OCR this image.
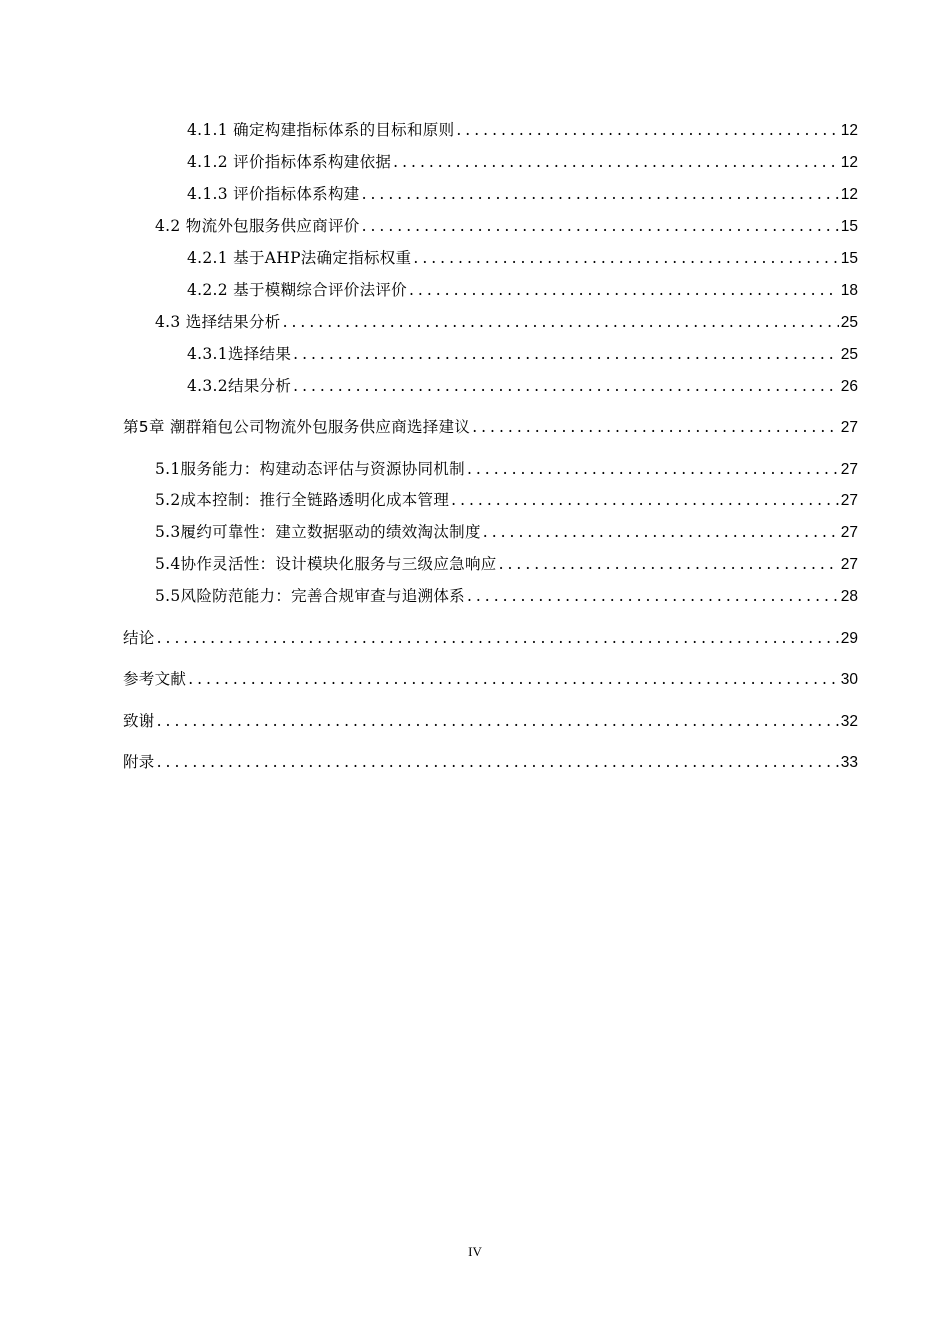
4.1.1 确定构建指标体系的目标和原则 .....	12
4.1.2 评价指标体系构建依据 .....	12
4.1.3 评价指标体系构建 .....	12
4.2 物流外包服务供应商评价 .....	15
4.2.1 基于AHP法确定指标权重 .....	15
4.2.2 基于模糊综合评价法评价 .....	18
4.3 选择结果分析 .....	25
4.3.1选择结果 .....	25
4.3.2结果分析 .....	26
第5章 潮群箱包公司物流外包服务供应商选择建议 .....	27
5.1服务能力：构建动态评估与资源协同机制 .....	27
5.2成本控制：推行全链路透明化成本管理 .....	27
5.3履约可靠性：建立数据驱动的绩效淘汰制度 .....	27
5.4协作灵活性：设计模块化服务与三级应急响应 .....	27
5.5风险防范能力：完善合规审查与追溯体系 .....	28
结论 .....	29
参考文献 .....	30
致谢 .....	32
附录 .....	33
IV
